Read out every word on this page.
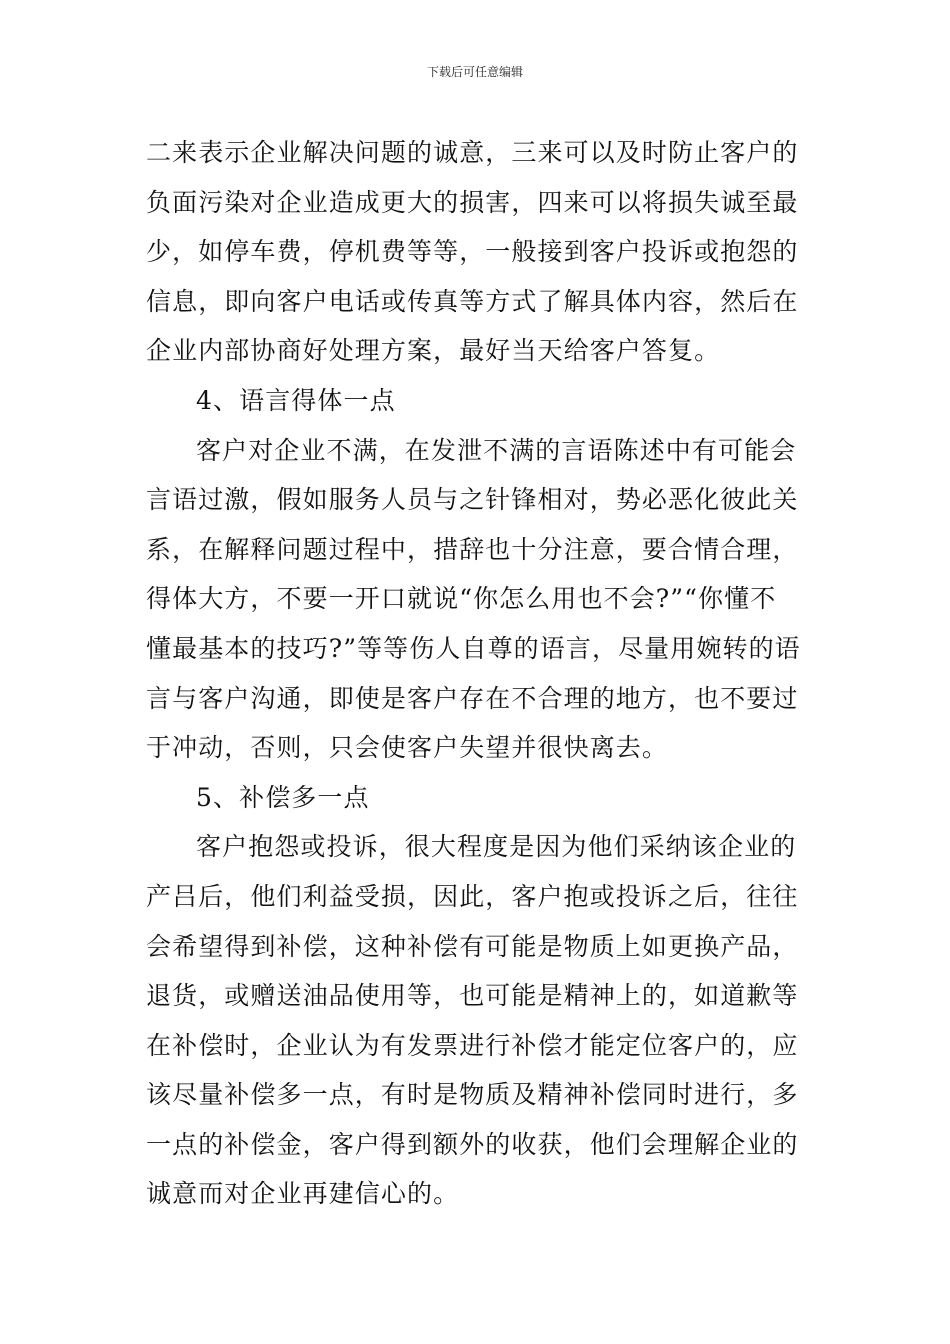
下载后可任意编辑
二来表示企业解决问题的诚意，三来可以及时防止客户的
负面污染对企业造成更大的损害，四来可以将损失诚至最
少，如停车费，停机费等等，一般接到客户投诉或抱怨的
信息，即向客户电话或传真等方式了解具体内容，然后在
企业内部协商好处理方案，最好当天给客户答复。
4、语言得体一点
客户对企业不满，在发泄不满的言语陈述中有可能会
言语过激，假如服务人员与之针锋相对，势必恶化彼此关
系，在解释问题过程中，措辞也十分注意，要合情合理，
得体大方，不要一开口就说“你怎么用也不会?”“你懂不
懂最基本的技巧?”等等伤人自尊的语言，尽量用婉转的语
言与客户沟通，即使是客户存在不合理的地方，也不要过
于冲动，否则，只会使客户失望并很快离去。
5、补偿多一点
客户抱怨或投诉，很大程度是因为他们采纳该企业的
产吕后，他们利益受损，因此，客户抱或投诉之后，往往
会希望得到补偿，这种补偿有可能是物质上如更换产品，
退货，或赠送油品使用等，也可能是精神上的，如道歉等
在补偿时，企业认为有发票进行补偿才能定位客户的，应
该尽量补偿多一点，有时是物质及精神补偿同时进行，多
一点的补偿金，客户得到额外的收获，他们会理解企业的
诚意而对企业再建信心的。
